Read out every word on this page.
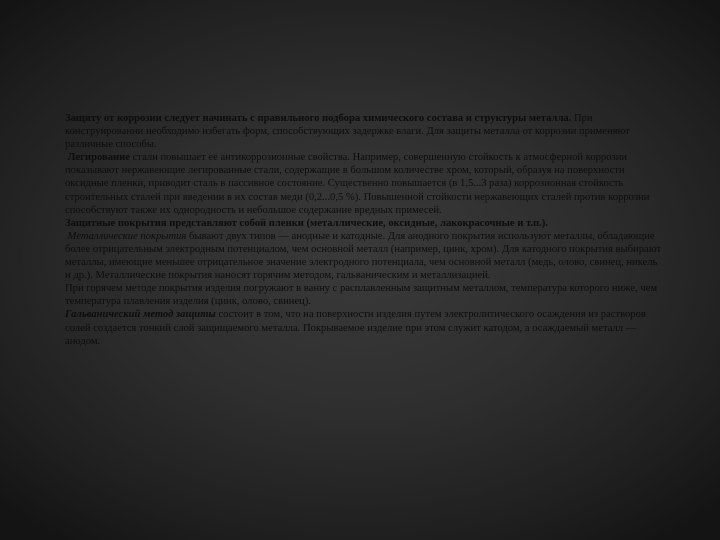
Защиту от коррозии следует начинать с правильного подбора химического состава и структуры металла. При конструировании необходимо избегать форм, способствующих задержке влаги. Для защиты металла от коррозии применяют различные способы.

Легирование стали повышает ее антикоррозионные свойства. Например, совершенную стойкость к атмосферной коррозии показывают нержавеющие легированные стали, содержащие в большом количестве хром, который, образуя на поверхности оксидные пленки, приводит сталь в пассивное состояние. Существенно повышается (в 1,5...3 раза) коррозионная стойкость строительных сталей при введении в их состав меди (0,2...0,5 %). Повышенной стойкости нержавеющих сталей против коррозии способствуют также их однородность и небольшое содержание вредных примесей.

Защитные покрытия представляют собой пленки (металлические, оксидные, лакокрасочные и т.п.).

Металлические покрытия бывают двух типов — анодные и катодные. Для анодного покрытия используют металлы, обладающие более отрицательным электродным потенциалом, чем основной металл (например, цинк, хром). Для катодного покрытия выбирают металлы, имеющие меньшее отрицательное значение электродного потенциала, чем основной металл (медь, олово, свинец, никель и др.). Металлические покрытия наносят горячим методом, гальваническим и металлизацией.

При горячем методе покрытия изделия погружают в ванну с расплавленным защитным металлом, температура которого ниже, чем температура плавления изделия (цинк, олово, свинец).

Гальванический метод защиты состоит в том, что на поверхности изделия путем электролитического осаждения из растворов солей создается тонкий слой защищаемого металла. Покрываемое изделие при этом служит катодом, а осаждаемый металл — анодом.
